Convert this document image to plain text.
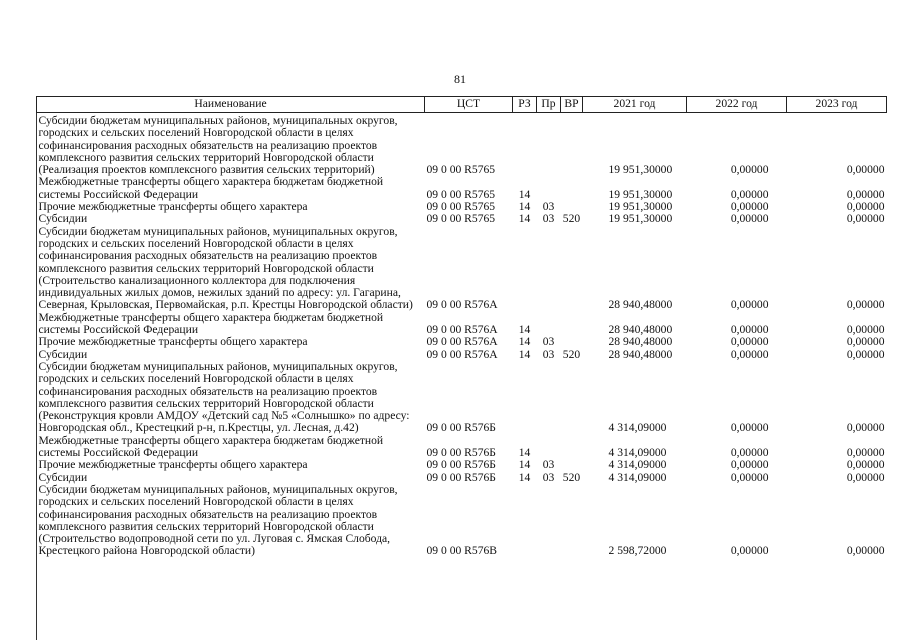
81
Наименование	ЦСТ	РЗ	Пр	ВР	2021 год	2022 год	2023 год
Субсидии бюджетам муниципальных районов, муниципальных округов, городских и сельских поселений Новгородской области в целях софинансирования расходных обязательств на реализацию проектов комплексного развития сельских территорий Новгородской области (Реализация проектов комплексного развития сельских территорий)	09 0 00 R5765				19 951,30000	0,00000	0,00000
Межбюджетные трансферты общего характера бюджетам бюджетной системы Российской Федерации	09 0 00 R5765	14			19 951,30000	0,00000	0,00000
Прочие межбюджетные трансферты общего характера	09 0 00 R5765	14	03		19 951,30000	0,00000	0,00000
Субсидии	09 0 00 R5765	14	03	520	19 951,30000	0,00000	0,00000
Субсидии бюджетам муниципальных районов, муниципальных округов, городских и сельских поселений Новгородской области в целях софинансирования расходных обязательств на реализацию проектов комплексного развития сельских территорий Новгородской области (Строительство канализационного коллектора для подключения индивидуальных жилых домов, нежилых зданий по адресу: ул. Гагарина, Северная, Крыловская, Первомайская, р.п. Крестцы Новгородской области)	09 0 00 R576А				28 940,48000	0,00000	0,00000
Межбюджетные трансферты общего характера бюджетам бюджетной системы Российской Федерации	09 0 00 R576А	14			28 940,48000	0,00000	0,00000
Прочие межбюджетные трансферты общего характера	09 0 00 R576А	14	03		28 940,48000	0,00000	0,00000
Субсидии	09 0 00 R576А	14	03	520	28 940,48000	0,00000	0,00000
Субсидии бюджетам муниципальных районов, муниципальных округов, городских и сельских поселений Новгородской области в целях софинансирования расходных обязательств на реализацию проектов комплексного развития сельских территорий Новгородской области (Реконструкция кровли АМДОУ «Детский сад №5 «Солнышко» по адресу: Новгородская обл., Крестецкий р-н, п.Крестцы, ул. Лесная, д.42)	09 0 00 R576Б				4 314,09000	0,00000	0,00000
Межбюджетные трансферты общего характера бюджетам бюджетной системы Российской Федерации	09 0 00 R576Б	14			4 314,09000	0,00000	0,00000
Прочие межбюджетные трансферты общего характера	09 0 00 R576Б	14	03		4 314,09000	0,00000	0,00000
Субсидии	09 0 00 R576Б	14	03	520	4 314,09000	0,00000	0,00000
Субсидии бюджетам муниципальных районов, муниципальных округов, городских и сельских поселений Новгородской области в целях софинансирования расходных обязательств на реализацию проектов комплексного развития сельских территорий Новгородской области (Строительство водопроводной сети по ул. Луговая с. Ямская Слобода, Крестецкого района Новгородской области)	09 0 00 R576В				2 598,72000	0,00000	0,00000
